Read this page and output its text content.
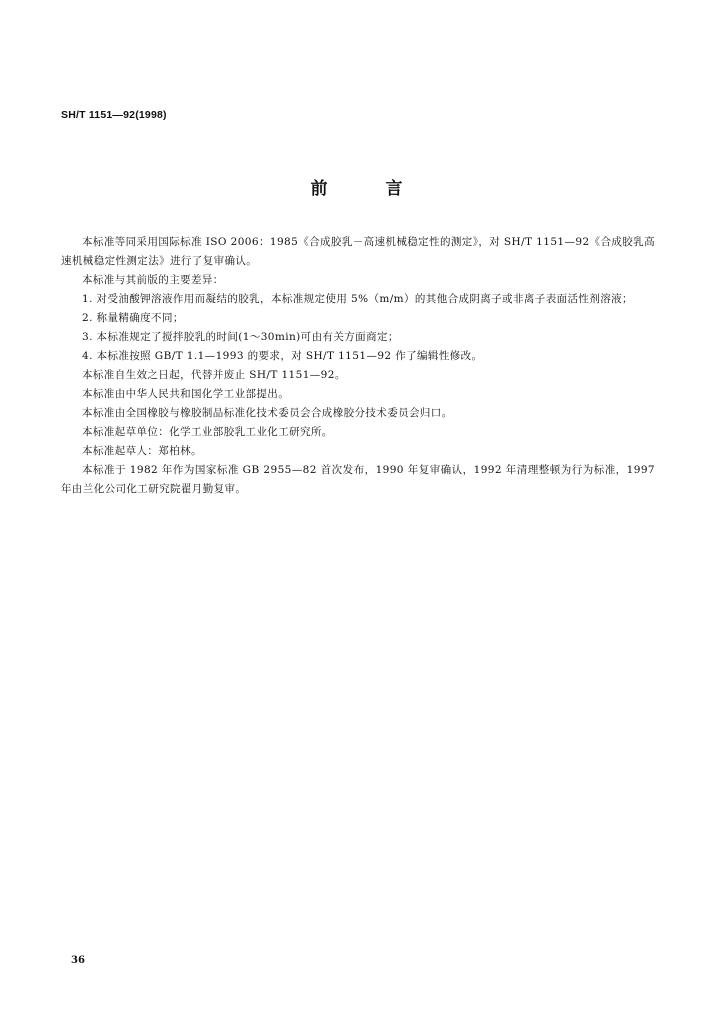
SH/T 1151—92(1998)
前 言

本标准等同采用国际标准 ISO 2006：1985《合成胶乳－高速机械稳定性的测定》，对 SH/T 1151—92《合成胶乳高速机械稳定性测定法》进行了复审确认。

本标准与其前版的主要差异：

1. 对受油酸钾溶液作用而凝结的胶乳，本标准规定使用 5%（m/m）的其他合成阴离子或非离子表面活性剂溶液；

2. 称量精确度不同；

3. 本标准规定了搅拌胶乳的时间(1～30min)可由有关方面商定；

4. 本标准按照 GB/T 1.1—1993 的要求，对 SH/T 1151—92 作了编辑性修改。

本标准自生效之日起，代替并废止 SH/T 1151—92。

本标准由中华人民共和国化学工业部提出。

本标准由全国橡胶与橡胶制品标准化技术委员会合成橡胶分技术委员会归口。

本标准起草单位：化学工业部胶乳工业化工研究所。

本标准起草人：郑柏林。

本标准于 1982 年作为国家标准 GB 2955—82 首次发布，1990 年复审确认，1992 年清理整顿为行为标准，1997 年由兰化公司化工研究院翟月勤复审。

36
